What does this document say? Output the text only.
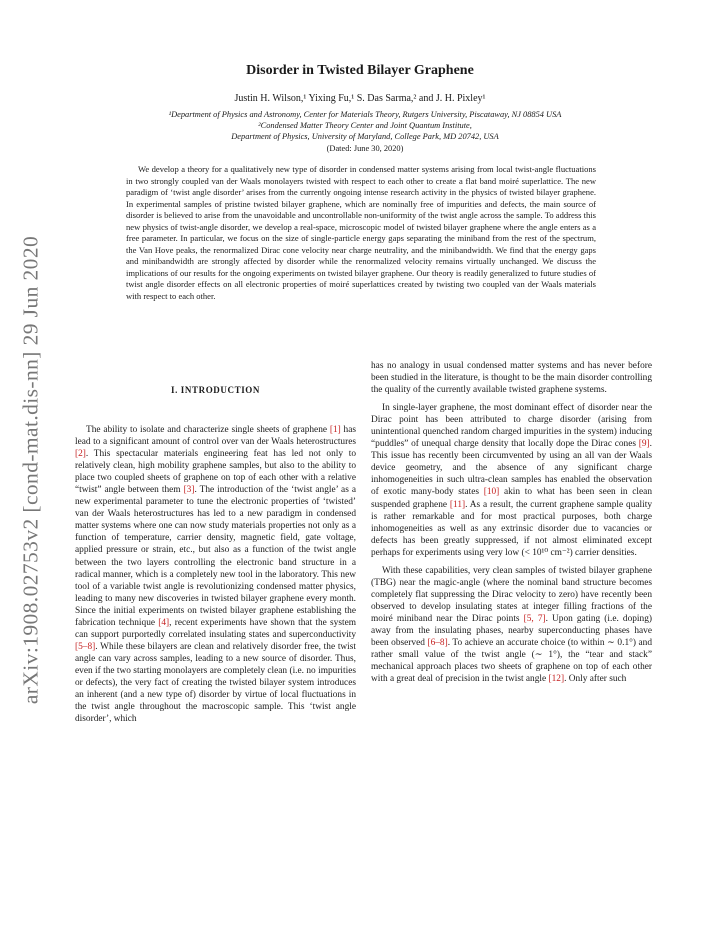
arXiv:1908.02753v2 [cond-mat.dis-nn] 29 Jun 2020
Disorder in Twisted Bilayer Graphene
Justin H. Wilson,¹ Yixing Fu,¹ S. Das Sarma,² and J. H. Pixley¹
¹Department of Physics and Astronomy, Center for Materials Theory, Rutgers University, Piscataway, NJ 08854 USA
²Condensed Matter Theory Center and Joint Quantum Institute,
Department of Physics, University of Maryland, College Park, MD 20742, USA
(Dated: June 30, 2020)
We develop a theory for a qualitatively new type of disorder in condensed matter systems arising from local twist-angle fluctuations in two strongly coupled van der Waals monolayers twisted with respect to each other to create a flat band moiré superlattice. The new paradigm of ‘twist angle disorder’ arises from the currently ongoing intense research activity in the physics of twisted bilayer graphene. In experimental samples of pristine twisted bilayer graphene, which are nominally free of impurities and defects, the main source of disorder is believed to arise from the unavoidable and uncontrollable non-uniformity of the twist angle across the sample. To address this new physics of twist-angle disorder, we develop a real-space, microscopic model of twisted bilayer graphene where the angle enters as a free parameter. In particular, we focus on the size of single-particle energy gaps separating the miniband from the rest of the spectrum, the Van Hove peaks, the renormalized Dirac cone velocity near charge neutrality, and the minibandwidth. We find that the energy gaps and minibandwidth are strongly affected by disorder while the renormalized velocity remains virtually unchanged. We discuss the implications of our results for the ongoing experiments on twisted bilayer graphene. Our theory is readily generalized to future studies of twist angle disorder effects on all electronic properties of moiré superlattices created by twisting two coupled van der Waals materials with respect to each other.
I. INTRODUCTION

The ability to isolate and characterize single sheets of graphene [1] has lead to a significant amount of control over van der Waals heterostructures [2]. This spectacular materials engineering feat has led not only to relatively clean, high mobility graphene samples, but also to the ability to place two coupled sheets of graphene on top of each other with a relative “twist” angle between them [3]. The introduction of the ‘twist angle’ as a new experimental parameter to tune the electronic properties of ‘twisted’ van der Waals heterostructures has led to a new paradigm in condensed matter systems where one can now study materials properties not only as a function of temperature, carrier density, magnetic field, gate voltage, applied pressure or strain, etc., but also as a function of the twist angle between the two layers controlling the electronic band structure in a radical manner, which is a completely new tool in the laboratory. This new tool of a variable twist angle is revolutionizing condensed matter physics, leading to many new discoveries in twisted bilayer graphene every month. Since the initial experiments on twisted bilayer graphene establishing the fabrication technique [4], recent experiments have shown that the system can support purportedly correlated insulating states and superconductivity [5–8]. While these bilayers are clean and relatively disorder free, the twist angle can vary across samples, leading to a new source of disorder. Thus, even if the two starting monolayers are completely clean (i.e. no impurities or defects), the very fact of creating the twisted bilayer system introduces an inherent (and a new type of) disorder by virtue of local fluctuations in the twist angle throughout the macroscopic sample. This ‘twist angle disorder’, which

has no analogy in usual condensed matter systems and has never before been studied in the literature, is thought to be the main disorder controlling the quality of the currently available twisted graphene systems.

In single-layer graphene, the most dominant effect of disorder near the Dirac point has been attributed to charge disorder (arising from unintentional quenched random charged impurities in the system) inducing “puddles” of unequal charge density that locally dope the Dirac cones [9]. This issue has recently been circumvented by using an all van der Waals device geometry, and the absence of any significant charge inhomogeneities in such ultra-clean samples has enabled the observation of exotic many-body states [10] akin to what has been seen in clean suspended graphene [11]. As a result, the current graphene sample quality is rather remarkable and for most practical purposes, both charge inhomogeneities as well as any extrinsic disorder due to vacancies or defects has been greatly suppressed, if not almost eliminated except perhaps for experiments using very low (< 10¹⁰ cm⁻²) carrier densities.

With these capabilities, very clean samples of twisted bilayer graphene (TBG) near the magic-angle (where the nominal band structure becomes completely flat suppressing the Dirac velocity to zero) have recently been observed to develop insulating states at integer filling fractions of the moiré miniband near the Dirac points [5, 7]. Upon gating (i.e. doping) away from the insulating phases, nearby superconducting phases have been observed [6–8]. To achieve an accurate choice (to within ∼ 0.1°) and rather small value of the twist angle (∼ 1°), the “tear and stack” mechanical approach places two sheets of graphene on top of each other with a great deal of precision in the twist angle [12]. Only after such
